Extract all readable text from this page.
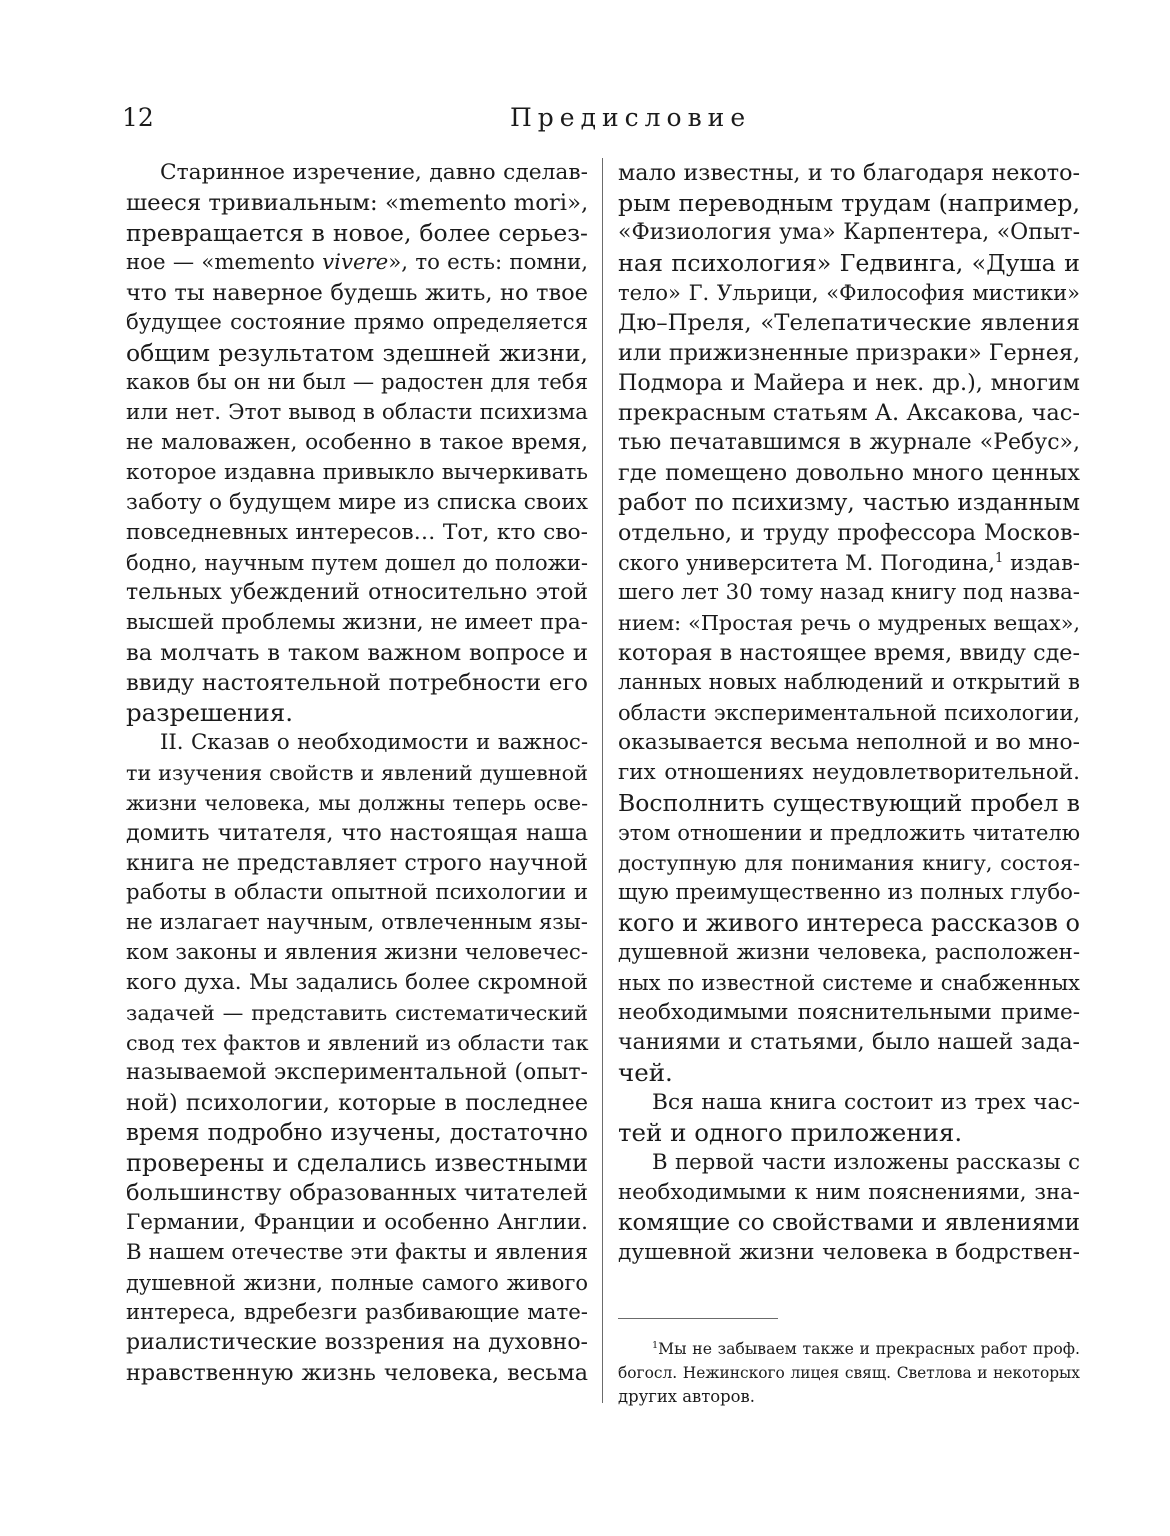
12	Предисловие
Старинное изречение, давно сделав-
шееся тривиальным: «memento mori»,
превращается в новое, более серьез-
ное — «memento vivere», то есть: помни,
что ты наверное будешь жить, но твое
будущее состояние прямо определяется
общим результатом здешней жизни,
каков бы он ни был — радостен для тебя
или нет. Этот вывод в области психизма
не маловажен, особенно в такое время,
которое издавна привыкло вычеркивать
заботу о будущем мире из списка своих
повседневных интересов… Тот, кто сво-
бодно, научным путем дошел до положи-
тельных убеждений относительно этой
высшей проблемы жизни, не имеет пра-
ва молчать в таком важном вопросе и
ввиду настоятельной потребности его
разрешения.
II. Сказав о необходимости и важнос-
ти изучения свойств и явлений душевной
жизни человека, мы должны теперь осве-
домить читателя, что настоящая наша
книга не представляет строго научной
работы в области опытной психологии и
не излагает научным, отвлеченным язы-
ком законы и явления жизни человечес-
кого духа. Мы задались более скромной
задачей — представить систематический
свод тех фактов и явлений из области так
называемой экспериментальной (опыт-
ной) психологии, которые в последнее
время подробно изучены, достаточно
проверены и сделались известными
большинству образованных читателей
Германии, Франции и особенно Англии.
В нашем отечестве эти факты и явления
душевной жизни, полные самого живого
интереса, вдребезги разбивающие мате-
риалистические воззрения на духовно-
нравственную жизнь человека, весьма
мало известны, и то благодаря некото-
рым переводным трудам (например,
«Физиология ума» Карпентера, «Опыт-
ная психология» Гедвинга, «Душа и
тело» Г. Ульрици, «Философия мистики»
Дю–Преля, «Телепатические явления
или прижизненные призраки» Гернея,
Подмора и Майера и нек. др.), многим
прекрасным статьям А. Аксакова, час-
тью печатавшимся в журнале «Ребус»,
где помещено довольно много ценных
работ по психизму, частью изданным
отдельно, и труду профессора Москов-
ского университета М. Погодина,$^1$ издав-
шего лет 30 тому назад книгу под назва-
нием: «Простая речь о мудреных вещах»,
которая в настоящее время, ввиду сде-
ланных новых наблюдений и открытий в
области экспериментальной психологии,
оказывается весьма неполной и во мно-
гих отношениях неудовлетворительной.
Восполнить существующий пробел в
этом отношении и предложить читателю
доступную для понимания книгу, состоя-
щую преимущественно из полных глубо-
кого и живого интереса рассказов о
душевной жизни человека, расположен-
ных по известной системе и снабженных
необходимыми пояснительными приме-
чаниями и статьями, было нашей зада-
чей.
Вся наша книга состоит из трех час-
тей и одного приложения.
В первой части изложены рассказы с
необходимыми к ним пояснениями, зна-
комящие со свойствами и явлениями
душевной жизни человека в бодрствен-
$^1$Мы не забываем также и прекрасных работ проф.
богосл. Нежинского лицея свящ. Светлова и некоторых
других авторов.
